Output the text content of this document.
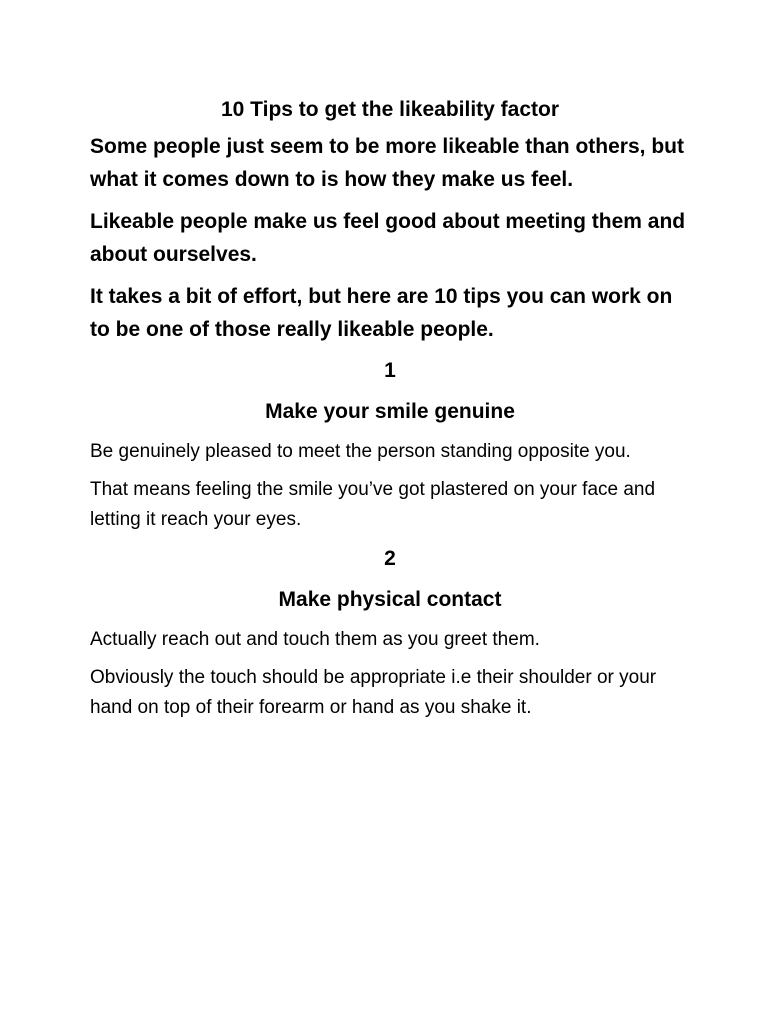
10 Tips to get the likeability factor

Some people just seem to be more likeable than others, but what it comes down to is how they make us feel.

Likeable people make us feel good about meeting them and about ourselves.

It takes a bit of effort, but here are 10 tips you can work on to be one of those really likeable people.

1
Make your smile genuine

Be genuinely pleased to meet the person standing opposite you.

That means feeling the smile you’ve got plastered on your face and letting it reach your eyes.

2
Make physical contact

Actually reach out and touch them as you greet them.

Obviously the touch should be appropriate i.e their shoulder or your hand on top of their forearm or hand as you shake it.
